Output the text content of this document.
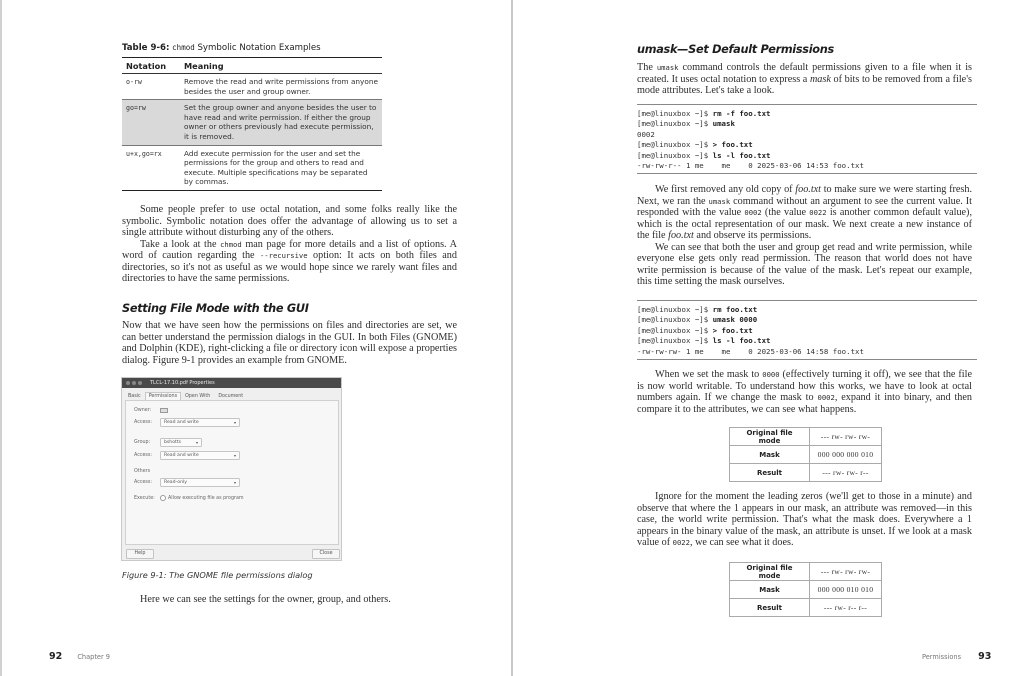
Table 9-6: chmod Symbolic Notation Examples
Notation	Meaning
o-rw	Remove the read and write permissions from anyone besides the user and group owner.
go=rw	Set the group owner and anyone besides the user to have read and write permission. If either the group owner or others previously had execute permission, it is removed.
u+x,go=rx	Add execute permission for the user and set the permissions for the group and others to read and execute. Multiple specifications may be separated by commas.
Some people prefer to use octal notation, and some folks really like the symbolic. Symbolic notation does offer the advantage of allowing us to set a single attribute without disturbing any of the others.
Take a look at the chmod man page for more details and a list of options. A word of caution regarding the --recursive option: It acts on both files and directories, so it's not as useful as we would hope since we rarely want files and directories to have the same permissions.
Setting File Mode with the GUI
Now that we have seen how the permissions on files and directories are set, we can better understand the permission dialogs in the GUI. In both Files (GNOME) and Dolphin (KDE), right-clicking a file or directory icon will expose a properties dialog. Figure 9-1 provides an example from GNOME.
TLCL-17.10.pdf Properties
Basic	Permissions	Open With	Document
Owner:
Access:	Read and write	▾
Group:	bshotts	▾
Access:	Read and write	▾
Others
Access:	Read-only	▾
Execute:	Allow executing file as program
Help	Close
Figure 9-1: The GNOME file permissions dialog
Here we can see the settings for the owner, group, and others.
92 Chapter 9
umask—Set Default Permissions
The umask command controls the default permissions given to a file when it is created. It uses octal notation to express a mask of bits to be removed from a file's mode attributes. Let's take a look.
[me@linuxbox ~]$ rm -f foo.txt
[me@linuxbox ~]$ umask
0002
[me@linuxbox ~]$ > foo.txt
[me@linuxbox ~]$ ls -l foo.txt
-rw-rw-r-- 1 me    me    0 2025-03-06 14:53 foo.txt
We first removed any old copy of foo.txt to make sure we were starting fresh. Next, we ran the umask command without an argument to see the current value. It responded with the value 0002 (the value 0022 is another common default value), which is the octal representation of our mask. We next create a new instance of the file foo.txt and observe its permissions.
We can see that both the user and group get read and write permission, while everyone else gets only read permission. The reason that world does not have write permission is because of the value of the mask. Let's repeat our example, this time setting the mask ourselves.
[me@linuxbox ~]$ rm foo.txt
[me@linuxbox ~]$ umask 0000
[me@linuxbox ~]$ > foo.txt
[me@linuxbox ~]$ ls -l foo.txt
-rw-rw-rw- 1 me    me    0 2025-03-06 14:58 foo.txt
When we set the mask to 0000 (effectively turning it off), we see that the file is now world writable. To understand how this works, we have to look at octal numbers again. If we change the mask to 0002, expand it into binary, and then compare it to the attributes, we can see what happens.
Original file mode	--- rw- rw- rw-
Mask	000 000 000 010
Result	--- rw- rw- r--
Ignore for the moment the leading zeros (we'll get to those in a minute) and observe that where the 1 appears in our mask, an attribute was removed—in this case, the world write permission. That's what the mask does. Everywhere a 1 appears in the binary value of the mask, an attribute is unset. If we look at a mask value of 0022, we can see what it does.
Original file mode	--- rw- rw- rw-
Mask	000 000 010 010
Result	--- rw- r-- r--
Permissions 93
